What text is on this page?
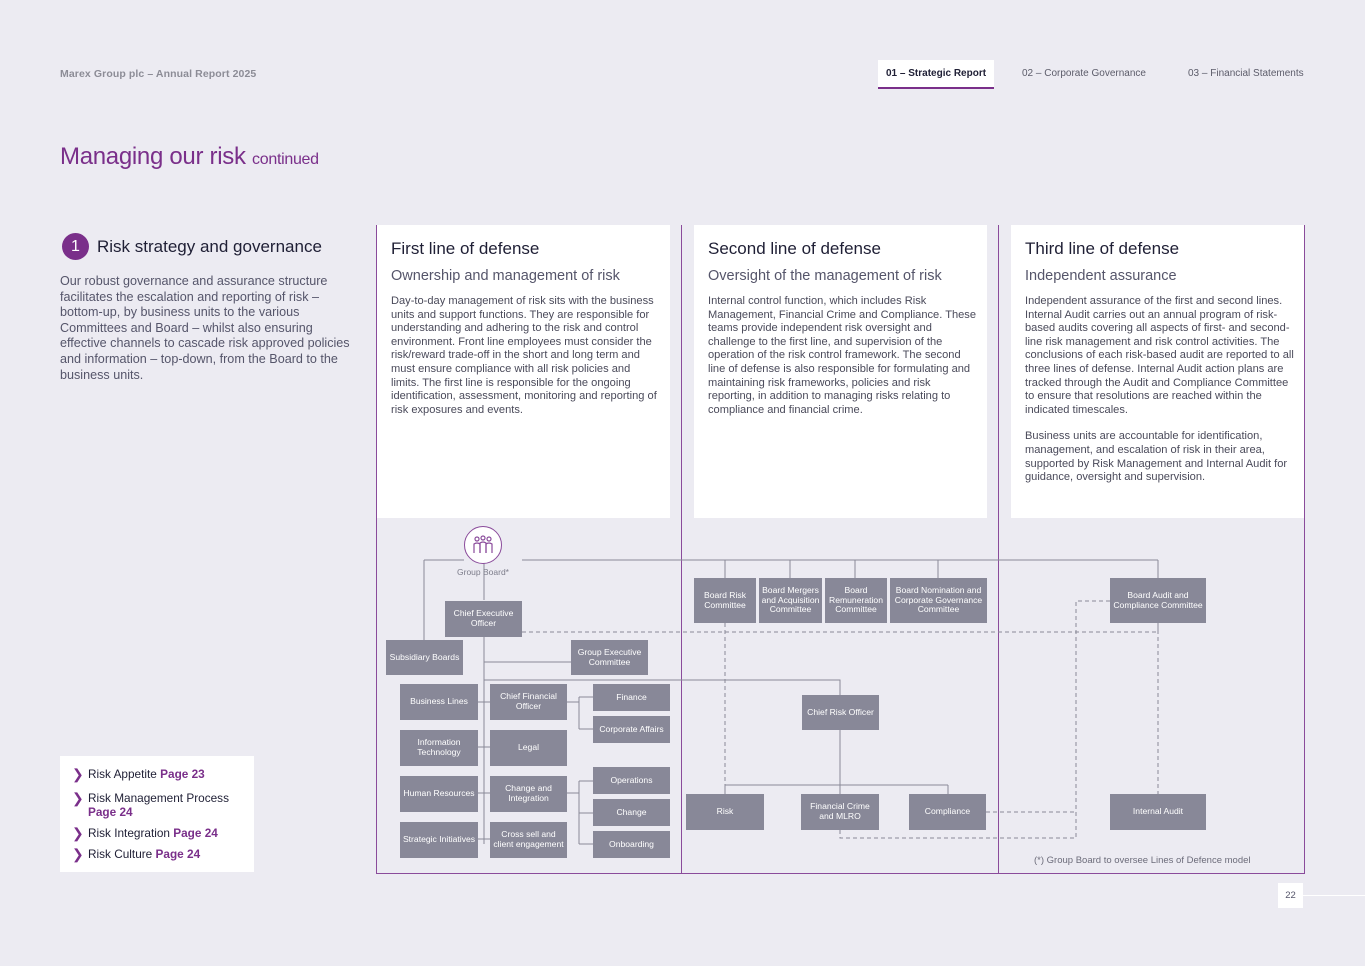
Marex Group plc – Annual Report 2025	01 – Strategic Report	02 – Corporate Governance	03 – Financial Statements
Managing our risk continued
1	Risk strategy and governance
Our robust governance and assurance structure facilitates the escalation and reporting of risk – bottom-up, by business units to the various Committees and Board – whilst also ensuring effective channels to cascade risk approved policies and information – top-down, from the Board to the business units.
❯ Risk Appetite Page 23
❯ Risk Management Process Page 24
❯ Risk Integration Page 24
❯ Risk Culture Page 24
First line of defense
Ownership and management of risk

Day-to-day management of risk sits with the business units and support functions. They are responsible for understanding and adhering to the risk and control environment. Front line employees must consider the risk/reward trade-off in the short and long term and must ensure compliance with all risk policies and limits. The first line is responsible for the ongoing identification, assessment, monitoring and reporting of risk exposures and events.

Second line of defense
Oversight of the management of risk

Internal control function, which includes Risk Management, Financial Crime and Compliance. These teams provide independent risk oversight and challenge to the first line, and supervision of the operation of the risk control framework. The second line of defense is also responsible for formulating and maintaining risk frameworks, policies and risk reporting, in addition to managing risks relating to compliance and financial crime.

Third line of defense
Independent assurance

Independent assurance of the first and second lines. Internal Audit carries out an annual program of risk-based audits covering all aspects of first- and second-line risk management and risk control activities. The conclusions of each risk-based audit are reported to all three lines of defense. Internal Audit action plans are tracked through the Audit and Compliance Committee to ensure that resolutions are reached within the indicated timescales.

Business units are accountable for identification, management, and escalation of risk in their area, supported by Risk Management and Internal Audit for guidance, oversight and supervision.

Group Board*
Chief Executive Officer
Subsidiary Boards	Group Executive Committee
Business Lines
Information Technology
Human Resources
Strategic Initiatives
Chief Financial Officer
Legal
Change and Integration
Cross sell and client engagement
Finance
Corporate Affairs
Operations
Change
Onboarding
Board Risk Committee
Board Mergers and Acquisition Committee
Board Remuneration Committee
Board Nomination and Corporate Governance Committee
Chief Risk Officer
Risk	Financial Crime and MLRO	Compliance
Board Audit and Compliance Committee
Internal Audit
(*) Group Board to oversee Lines of Defence model
22
